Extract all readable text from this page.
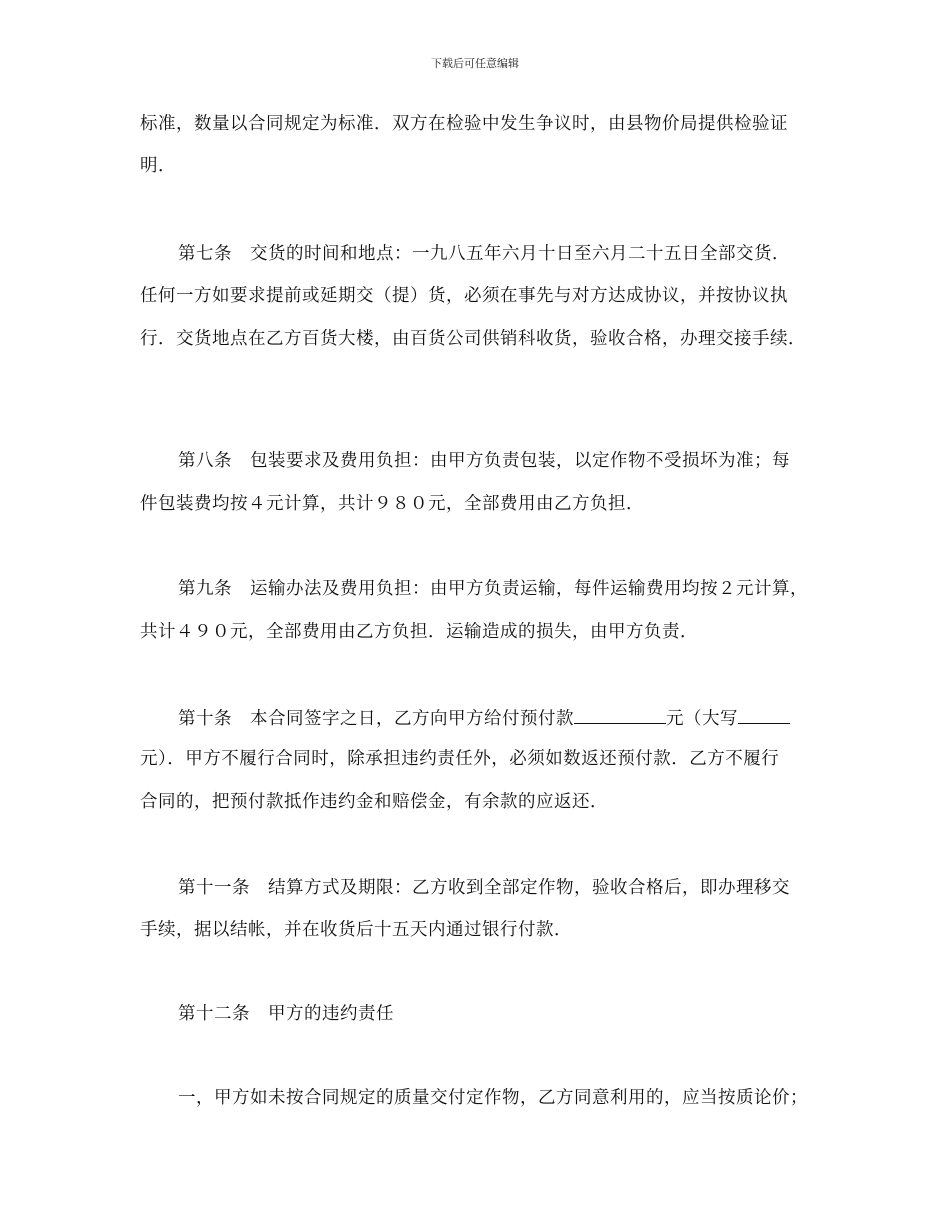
下载后可任意编辑
标准，数量以合同规定为标准．双方在检验中发生争议时，由县物价局提供检验证
明．
第七条　交货的时间和地点：一九八五年六月十日至六月二十五日全部交货．
任何一方如要求提前或延期交（提）货，必须在事先与对方达成协议，并按协议执
行．交货地点在乙方百货大楼，由百货公司供销科收货，验收合格，办理交接手续．
第八条　包装要求及费用负担：由甲方负责包装，以定作物不受损坏为准；每
件包装费均按４元计算，共计９８０元，全部费用由乙方负担．
第九条　运输办法及费用负担：由甲方负责运输，每件运输费用均按２元计算，
共计４９０元，全部费用由乙方负担．运输造成的损失，由甲方负责．
第十条　本合同签字之日，乙方向甲方给付预付款	元（大写
元）．甲方不履行合同时，除承担违约责任外，必须如数返还预付款．乙方不履行
合同的，把预付款抵作违约金和赔偿金，有余款的应返还．
第十一条　结算方式及期限：乙方收到全部定作物，验收合格后，即办理移交
手续，据以结帐，并在收货后十五天内通过银行付款．
第十二条　甲方的违约责任
一，甲方如未按合同规定的质量交付定作物，乙方同意利用的，应当按质论价；
